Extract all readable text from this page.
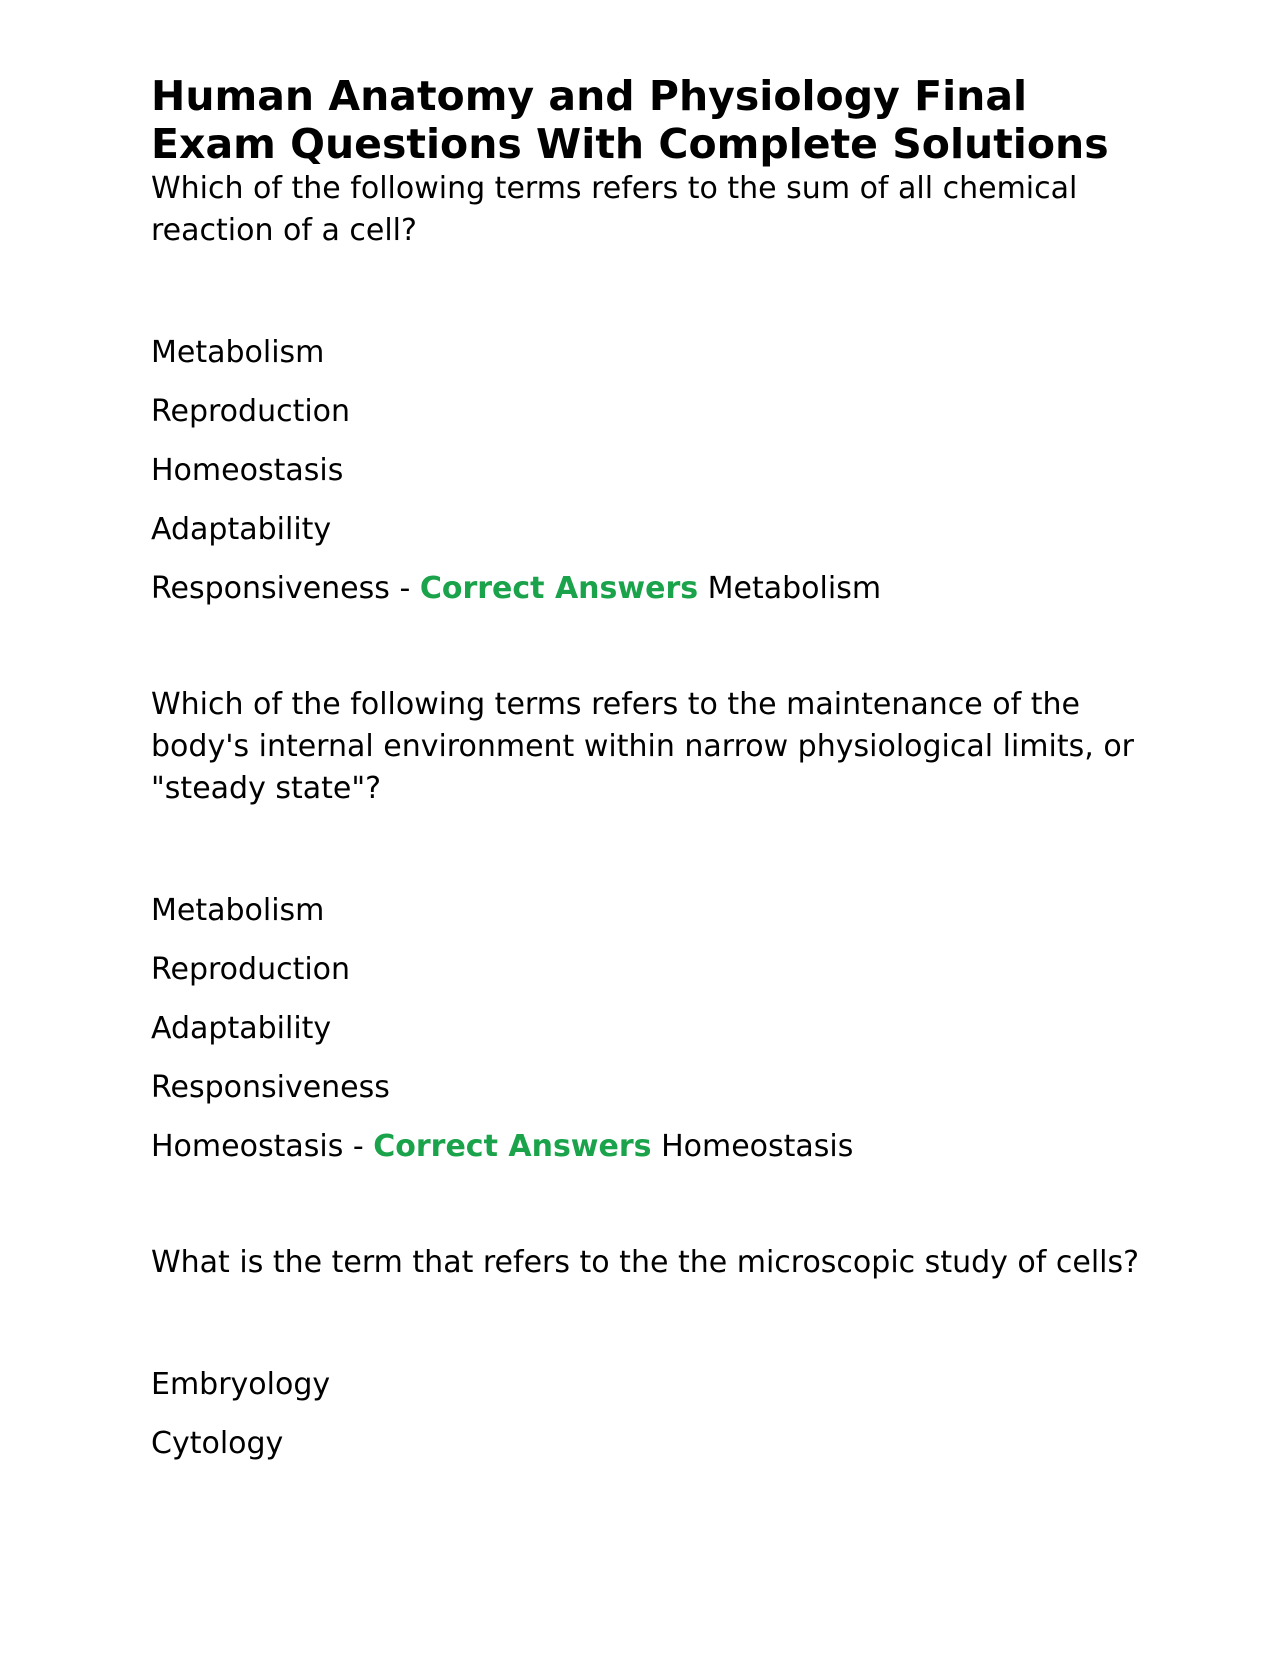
Human Anatomy and Physiology Final Exam Questions With Complete Solutions

Which of the following terms refers to the sum of all chemical reaction of a cell?

Metabolism

Reproduction

Homeostasis

Adaptability

Responsiveness - Correct Answers Metabolism

Which of the following terms refers to the maintenance of the body's internal environment within narrow physiological limits, or "steady state"?

Metabolism

Reproduction

Adaptability

Responsiveness

Homeostasis - Correct Answers Homeostasis

What is the term that refers to the the microscopic study of cells?

Embryology

Cytology
